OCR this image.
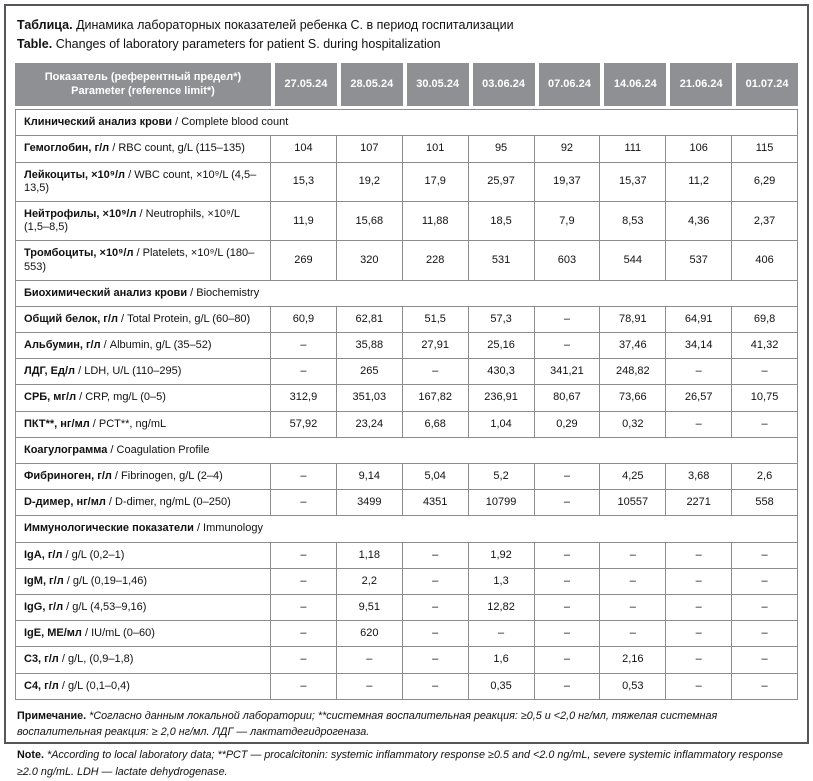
Таблица. Динамика лабораторных показателей ребенка С. в период госпитализации
Table. Changes of laboratory parameters for patient S. during hospitalization
Показатель (референтный предел*)
Parameter (reference limit*)	27.05.24	28.05.24	30.05.24	03.06.24	07.06.24	14.06.24	21.06.24	01.07.24
Клинический анализ крови / Complete blood count								
Гемоглобин, г/л / RBC count, g/L (115–135)	104	107	101	95	92	111	106	115
Лейкоциты, ×10⁹/л / WBC count, ×10⁹/L (4,5–13,5)	15,3	19,2	17,9	25,97	19,37	15,37	11,2	6,29
Нейтрофилы, ×10⁹/л / Neutrophils, ×10⁹/L (1,5–8,5)	11,9	15,68	11,88	18,5	7,9	8,53	4,36	2,37
Тромбоциты, ×10⁹/л / Platelets, ×10⁹/L (180–553)	269	320	228	531	603	544	537	406
Биохимический анализ крови / Biochemistry								
Общий белок, г/л / Total Protein, g/L (60–80)	60,9	62,81	51,5	57,3	–	78,91	64,91	69,8
Альбумин, г/л / Albumin, g/L (35–52)	–	35,88	27,91	25,16	–	37,46	34,14	41,32
ЛДГ, Ед/л / LDH, U/L (110–295)	–	265	–	430,3	341,21	248,82	–	–
СРБ, мг/л / CRP, mg/L (0–5)	312,9	351,03	167,82	236,91	80,67	73,66	26,57	10,75
ПКТ**, нг/мл / PCT**, ng/mL	57,92	23,24	6,68	1,04	0,29	0,32	–	–
Коагулограмма / Coagulation Profile								
Фибриноген, г/л / Fibrinogen, g/L (2–4)	–	9,14	5,04	5,2	–	4,25	3,68	2,6
D-димер, нг/мл / D-dimer, ng/mL (0–250)	–	3499	4351	10799	–	10557	2271	558
Иммунологические показатели / Immunology								
IgA, г/л / g/L (0,2–1)	–	1,18	–	1,92	–	–	–	–
IgM, г/л / g/L (0,19–1,46)	–	2,2	–	1,3	–	–	–	–
IgG, г/л / g/L (4,53–9,16)	–	9,51	–	12,82	–	–	–	–
IgE, МЕ/мл / IU/mL (0–60)	–	620	–	–	–	–	–	–
С3, г/л / g/L, (0,9–1,8)	–	–	–	1,6	–	2,16	–	–
С4, г/л / g/L (0,1–0,4)	–	–	–	0,35	–	0,53	–	–

Примечание. *Согласно данным локальной лаборатории; **системная воспалительная реакция: ≥0,5 и <2,0 нг/мл, тяжелая системная воспалительная реакция: ≥ 2,0 нг/мл. ЛДГ — лактатдегидрогеназа.

Note. *According to local laboratory data; **PCT — procalcitonin: systemic inflammatory response ≥0.5 and <2.0 ng/mL, severe systemic inflammatory response ≥2.0 ng/mL. LDH — lactate dehydrogenase.
